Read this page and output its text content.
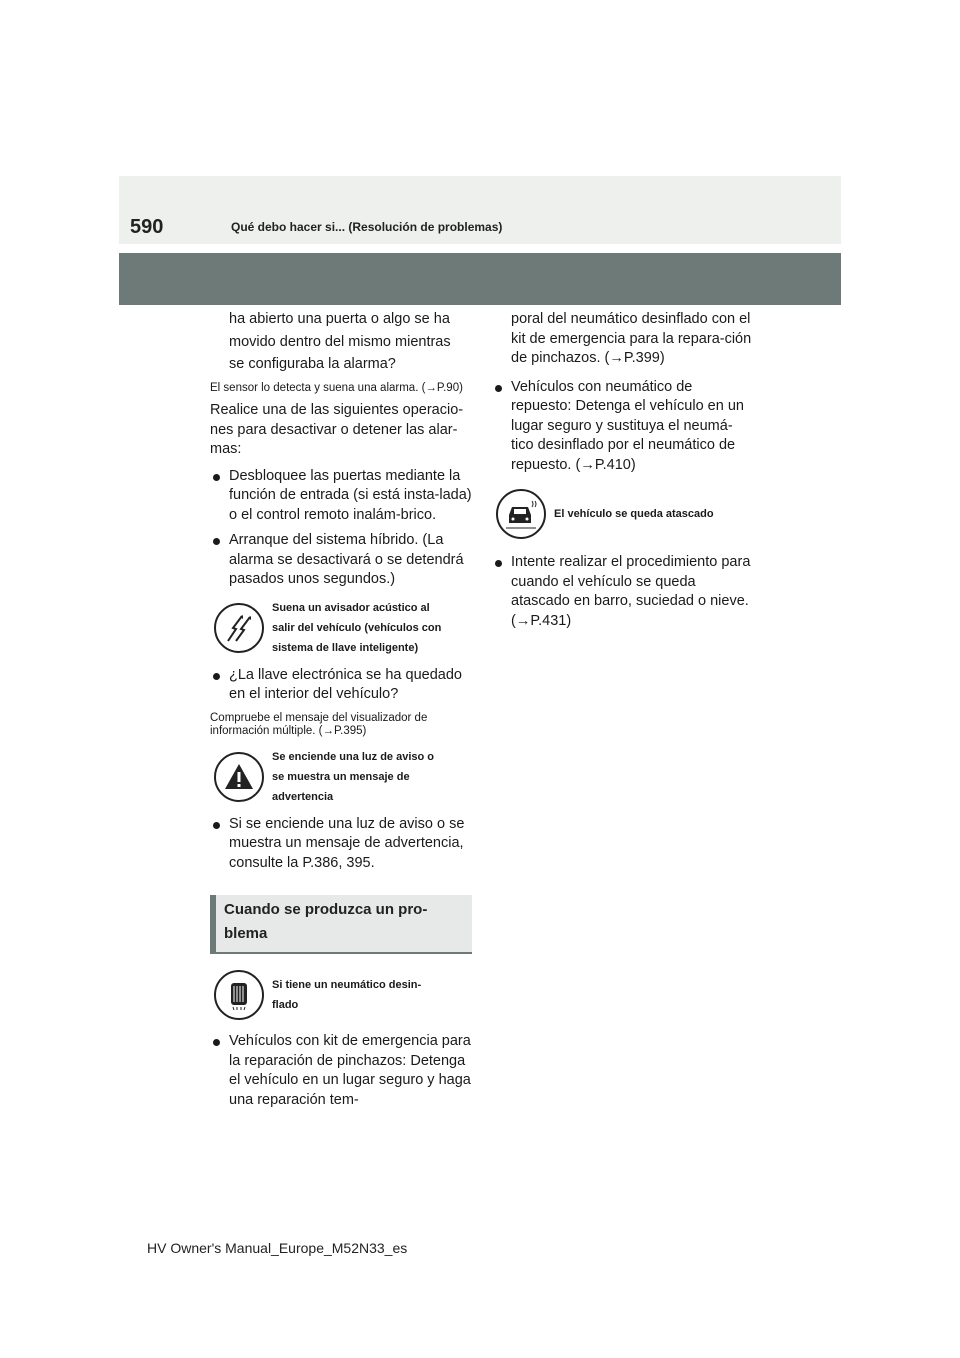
590	Qué debo hacer si... (Resolución de problemas)
ha abierto una puerta o algo se ha
movido dentro del mismo mientras
se configuraba la alarma?
El sensor lo detecta y suena una alarma. (→P.90)
Realice una de las siguientes operacio-nes para desactivar o detener las alar-mas:
Desbloquee las puertas mediante la función de entrada (si está insta-lada) o el control remoto inalám-brico.
Arranque del sistema híbrido. (La alarma se desactivará o se detendrá pasados unos segundos.)
Suena un avisador acústico al
salir del vehículo (vehículos con
sistema de llave inteligente)
¿La llave electrónica se ha quedado en el interior del vehículo?
Compruebe el mensaje del visualizador de información múltiple. (→P.395)
Se enciende una luz de aviso o
se muestra un mensaje de
advertencia
Si se enciende una luz de aviso o se muestra un mensaje de advertencia, consulte la P.386, 395.
Cuando se produzca un pro-blema
Si tiene un neumático desin-
flado
Vehículos con kit de emergencia para la reparación de pinchazos: Detenga el vehículo en un lugar seguro y haga una reparación tem-
poral del neumático desinflado con el kit de emergencia para la repara-ción de pinchazos. (→P.399)
Vehículos con neumático de repuesto: Detenga el vehículo en un lugar seguro y sustituya el neumá-tico desinflado por el neumático de repuesto. (→P.410)
El vehículo se queda atascado
Intente realizar el procedimiento para cuando el vehículo se queda atascado en barro, suciedad o nieve. (→P.431)
HV Owner's Manual_Europe_M52N33_es
